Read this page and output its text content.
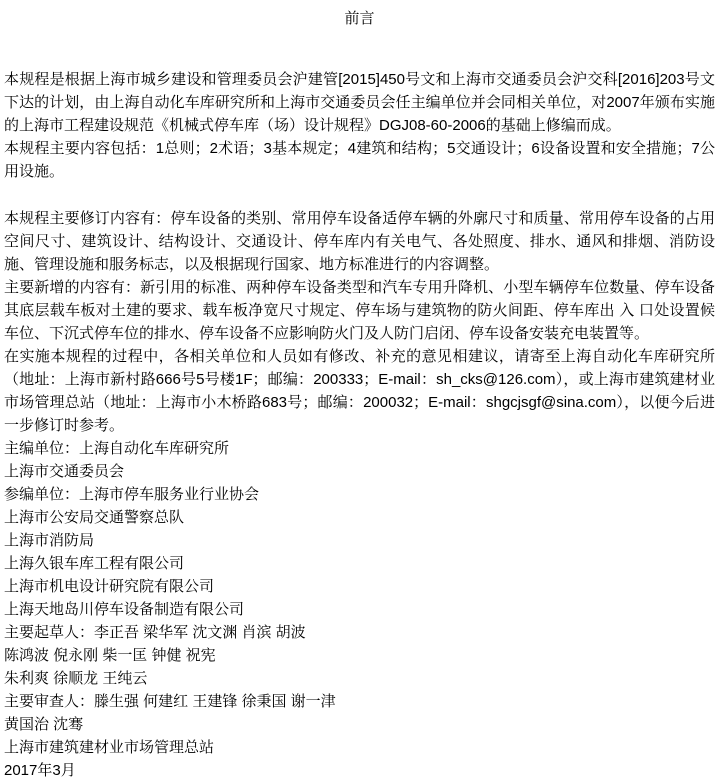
前言

本规程是根据上海市城乡建设和管理委员会沪建管[2015]450号文和上海市交通委员会沪交科[2016]203号文下达的计划，由上海自动化车库研究所和上海市交通委员会任主编单位并会同相关单位，对2007年颁布实施的上海市工程建设规范《机械式停车库（场）设计规程》DGJ08-60-2006的基础上修编而成。

本规程主要内容包括：1总则；2术语；3基本规定；4建筑和结构；5交通设计；6设备设置和安全措施；7公用设施。

本规程主要修订内容有：停车设备的类别、常用停车设备适停车辆的外廓尺寸和质量、常用停车设备的占用空间尺寸、建筑设计、结构设计、交通设计、停车库内有关电气、各处照度、排水、通风和排烟、消防设施、管理设施和服务标志，以及根据现行国家、地方标准进行的内容调整。

主要新增的内容有：新引用的标准、两种停车设备类型和汽车专用升降机、小型车辆停车位数量、停车设备其底层载车板对土建的要求、载车板净宽尺寸规定、停车场与建筑物的防火间距、停车库出 入 口处设置候车位、下沉式停车位的排水、停车设备不应影响防火门及人防门启闭、停车设备安装充电装置等。

在实施本规程的过程中，各相关单位和人员如有修改、补充的意见相建议，请寄至上海自动化车库研究所（地址：上海市新村路666号5号楼1F；邮编：200333；E-mail：sh_cks@126.com），或上海市建筑建材业市场管理总站（地址：上海市小木桥路683号；邮编：200032；E-mail：shgcjsgf@sina.com），以便今后进一步修订时参考。

主编单位：上海自动化车库研究所
上海市交通委员会
参编单位：上海市停车服务业行业协会
上海市公安局交通警察总队
上海市消防局
上海久银车库工程有限公司
上海市机电设计研究院有限公司
上海天地岛川停车设备制造有限公司
主要起草人：李正吾 梁华军 沈文渊 肖滨 胡波
陈鸿波 倪永刚 柴一匡 钟健 祝宪
朱利爽 徐顺龙 王纯云
主要审查人：滕生强 何建红 王建锋 徐秉国 谢一津
黄国治 沈骞
上海市建筑建材业市场管理总站
2017年3月
